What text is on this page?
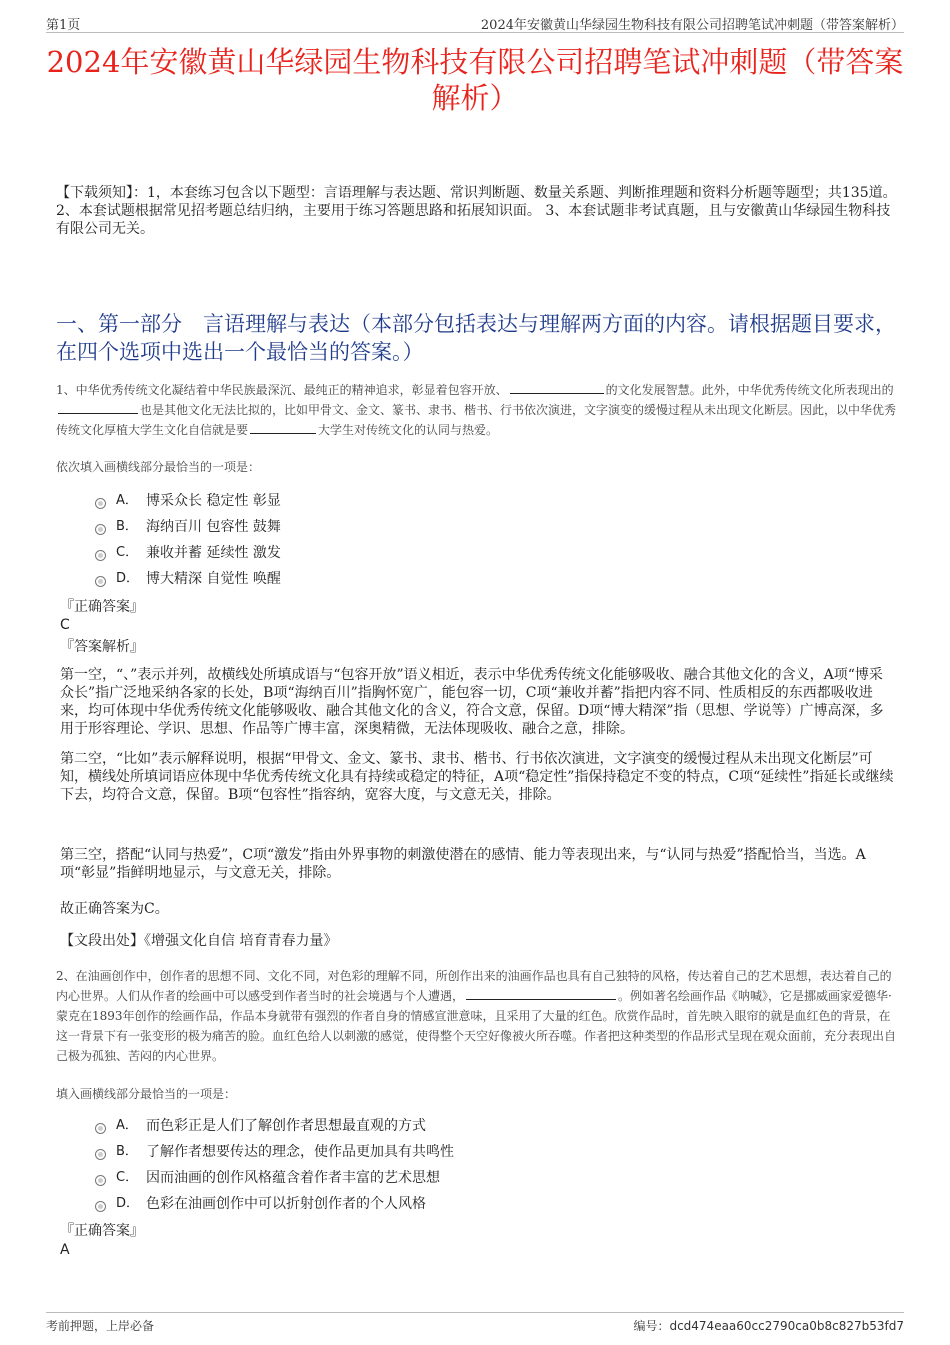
第1页	2024年安徽黄山华绿园生物科技有限公司招聘笔试冲刺题（带答案解析）
2024年安徽黄山华绿园生物科技有限公司招聘笔试冲刺题（带答案解析）
【下载须知】：1，本套练习包含以下题型：言语理解与表达题、常识判断题、数量关系题、判断推理题和资料分析题等题型；共135道。 2、本套试题根据常见招考题总结归纳，主要用于练习答题思路和拓展知识面。 3、本套试题非考试真题，且与安徽黄山华绿园生物科技有限公司无关。
一、第一部分　言语理解与表达（本部分包括表达与理解两方面的内容。请根据题目要求，在四个选项中选出一个最恰当的答案。）
1、中华优秀传统文化凝结着中华民族最深沉、最纯正的精神追求，彰显着包容开放、	的文化发展智慧。此外，中华优秀传统文化所表现出的也是其他文化无法比拟的，比如甲骨文、金文、篆书、隶书、楷书、行书依次演进，文字演变的缓慢过程从未出现文化断层。因此，以中华优秀传统文化厚植大学生文化自信就是要	大学生对传统文化的认同与热爱。
依次填入画横线部分最恰当的一项是：
A． 博采众长 稳定性 彰显
B． 海纳百川 包容性 鼓舞
C． 兼收并蓄 延续性 激发
D． 博大精深 自觉性 唤醒
『正确答案』
C
『答案解析』
第一空，“、”表示并列，故横线处所填成语与“包容开放”语义相近，表示中华优秀传统文化能够吸收、融合其他文化的含义，A项“博采众长”指广泛地采纳各家的长处，B项“海纳百川”指胸怀宽广，能包容一切，C项“兼收并蓄”指把内容不同、性质相反的东西都吸收进来，均可体现中华优秀传统文化能够吸收、融合其他文化的含义，符合文意，保留。D项“博大精深”指（思想、学说等）广博高深，多用于形容理论、学识、思想、作品等广博丰富，深奥精微，无法体现吸收、融合之意，排除。
第二空，“比如”表示解释说明，根据“甲骨文、金文、篆书、隶书、楷书、行书依次演进，文字演变的缓慢过程从未出现文化断层”可知，横线处所填词语应体现中华优秀传统文化具有持续或稳定的特征，A项“稳定性”指保持稳定不变的特点，C项“延续性”指延长或继续下去，均符合文意，保留。B项“包容性”指容纳，宽容大度，与文意无关，排除。
第三空，搭配“认同与热爱”，C项“激发”指由外界事物的刺激使潜在的感情、能力等表现出来，与“认同与热爱”搭配恰当，当选。A项“彰显”指鲜明地显示，与文意无关，排除。
故正确答案为C。
【文段出处】《增强文化自信 培育青春力量》
2、在油画创作中，创作者的思想不同、文化不同，对色彩的理解不同，所创作出来的油画作品也具有自己独特的风格，传达着自己的艺术思想，表达着自己的内心世界。人们从作者的绘画中可以感受到作者当时的社会境遇与个人遭遇，	。例如著名绘画作品《呐喊》，它是挪威画家爱德华·蒙克在1893年创作的绘画作品，作品本身就带有强烈的作者自身的情感宣泄意味，且采用了大量的红色。欣赏作品时，首先映入眼帘的就是血红色的背景，在这一背景下有一张变形的极为痛苦的脸。血红色给人以刺激的感觉，使得整个天空好像被火所吞噬。作者把这种类型的作品形式呈现在观众面前，充分表现出自己极为孤独、苦闷的内心世界。
填入画横线部分最恰当的一项是：
A． 而色彩正是人们了解创作者思想最直观的方式
B． 了解作者想要传达的理念，使作品更加具有共鸣性
C． 因而油画的创作风格蕴含着作者丰富的艺术思想
D． 色彩在油画创作中可以折射创作者的个人风格
『正确答案』
A
考前押题，上岸必备	编号：dcd474eaa60cc2790ca0b8c827b53fd7
